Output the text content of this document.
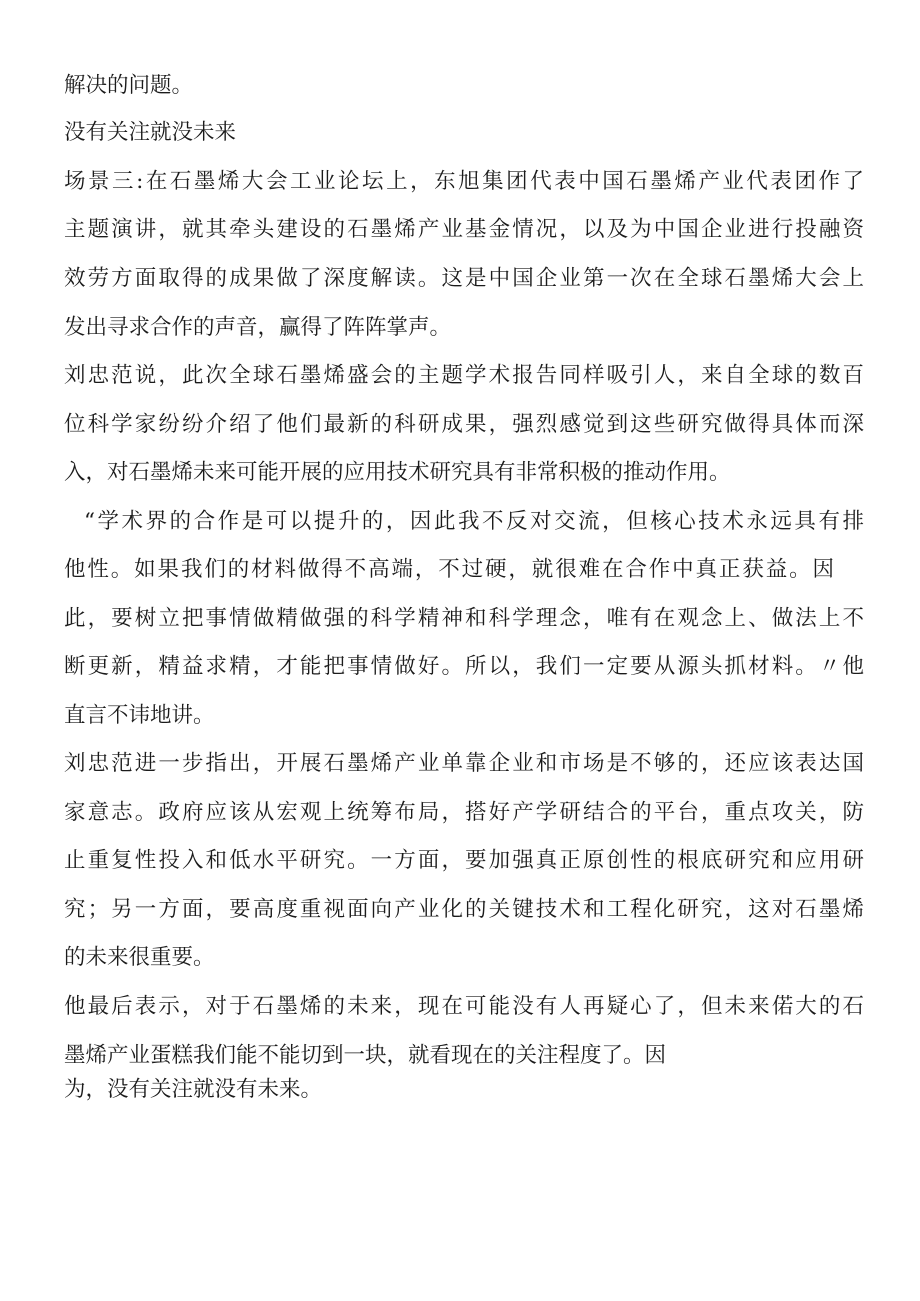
解决的问题。
没有关注就没未来
场景三:在石墨烯大会工业论坛上，东旭集团代表中国石墨烯产业代表团作了
主题演讲，就其牵头建设的石墨烯产业基金情况，以及为中国企业进行投融资
效劳方面取得的成果做了深度解读。这是中国企业第一次在全球石墨烯大会上
发出寻求合作的声音，赢得了阵阵掌声。
刘忠范说，此次全球石墨烯盛会的主题学术报告同样吸引人，来自全球的数百
位科学家纷纷介绍了他们最新的科研成果，强烈感觉到这些研究做得具体而深
入，对石墨烯未来可能开展的应用技术研究具有非常积极的推动作用。
“学术界的合作是可以提升的，因此我不反对交流，但核心技术永远具有排
他性。如果我们的材料做得不高端，不过硬，就很难在合作中真正获益。因
此，要树立把事情做精做强的科学精神和科学理念，唯有在观念上、做法上不
断更新，精益求精，才能把事情做好。所以，我们一定要从源头抓材料。〃他
直言不讳地讲。
刘忠范进一步指出，开展石墨烯产业单靠企业和市场是不够的，还应该表达国
家意志。政府应该从宏观上统筹布局，搭好产学研结合的平台，重点攻关，防
止重复性投入和低水平研究。一方面，要加强真正原创性的根底研究和应用研
究；另一方面，要高度重视面向产业化的关键技术和工程化研究，这对石墨烯
的未来很重要。
他最后表示，对于石墨烯的未来，现在可能没有人再疑心了，但未来偌大的石
墨烯产业蛋糕我们能不能切到一块，就看现在的关注程度了。因
为，没有关注就没有未来。
